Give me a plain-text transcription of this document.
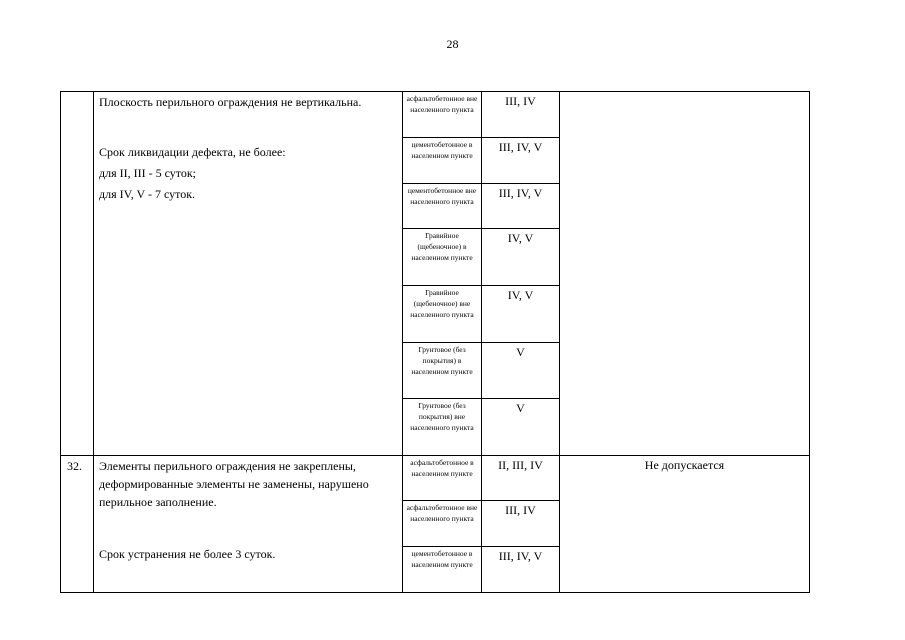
28

	Плоскость перильного ограждения не вертикальна.
Срок ликвидации дефекта, не более:
для II, III - 5 суток;
для IV, V - 7 суток.	асфальтобетонное вне населенного пункта	III, IV	
		цементобетонное в населенном пункте	III, IV, V	
		цементобетонное вне населенного пункта	III, IV, V	
		Гравийное (щебеночное) в населенном пункте	IV, V	
		Гравийное (щебеночное) вне населенного пункта	IV, V	
		Грунтовое (без покрытия) в населенном пункте	V	
		Грунтовое (без покрытия) вне населенного пункта	V	
32.	Элементы перильного ограждения не закреплены, деформированные элементы не заменены, нарушено перильное заполнение.
Срок устранения не более 3 суток.	асфальтобетонное в населенном пункте	II, III, IV	Не допускается
		асфальтобетонное вне населенного пункта	III, IV	
		цементобетонное в населенном пункте	III, IV, V	
